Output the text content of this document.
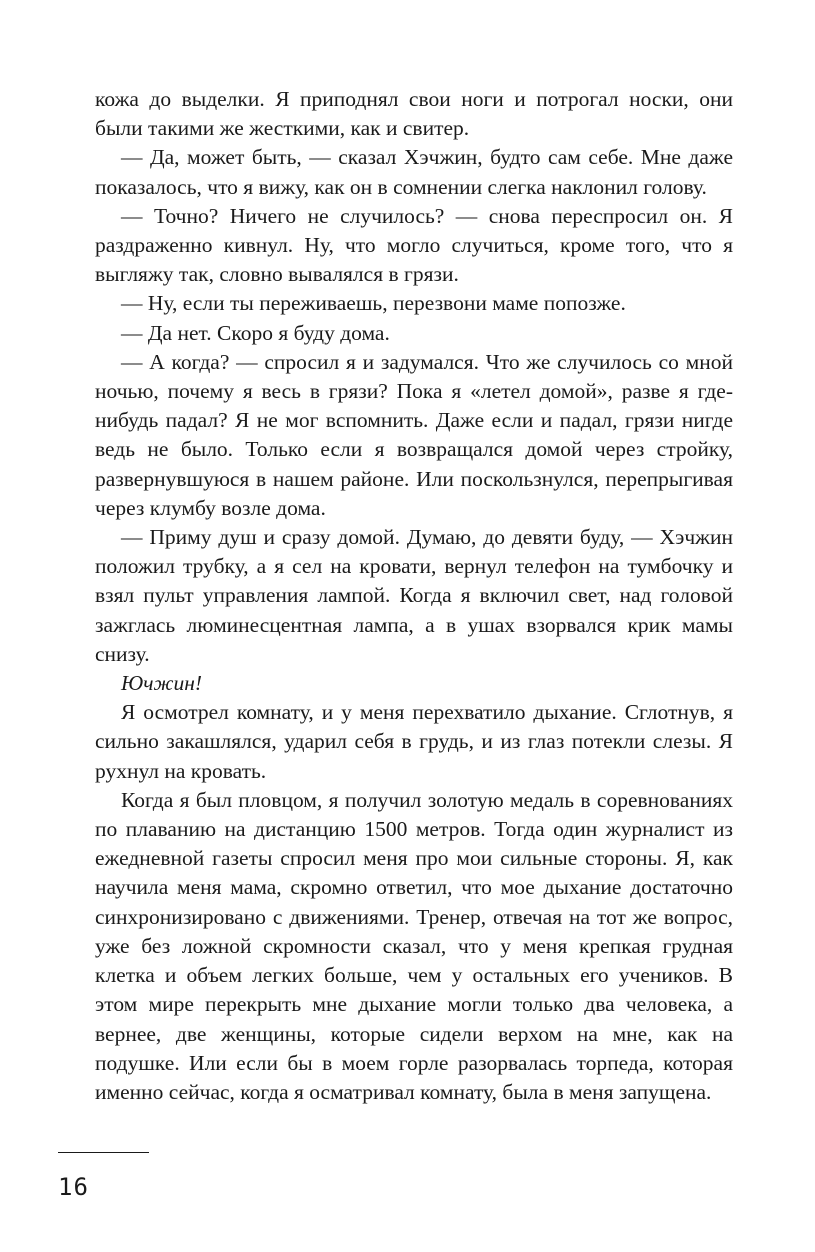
кожа до выделки. Я приподнял свои ноги и потрогал носки, они были такими же жесткими, как и свитер.

— Да, может быть, — сказал Хэчжин, будто сам себе. Мне даже показалось, что я вижу, как он в сомнении слегка наклонил голову.

— Точно? Ничего не случилось? — снова переспросил он. Я раздраженно кивнул. Ну, что могло случиться, кроме того, что я выгляжу так, словно вывалялся в грязи.

— Ну, если ты переживаешь, перезвони маме попозже.

— Да нет. Скоро я буду дома.

— А когда? — спросил я и задумался. Что же случилось со мной ночью, почему я весь в грязи? Пока я «летел домой», разве я где-нибудь падал? Я не мог вспомнить. Даже если и падал, грязи нигде ведь не было. Только если я возвращался домой через стройку, развернувшуюся в нашем районе. Или поскользнулся, перепрыгивая через клумбу возле дома.

— Приму душ и сразу домой. Думаю, до девяти буду, — Хэчжин положил трубку, а я сел на кровати, вернул телефон на тумбочку и взял пульт управления лампой. Когда я включил свет, над головой зажглась люминесцентная лампа, а в ушах взорвался крик мамы снизу.

Ючжин!

Я осмотрел комнату, и у меня перехватило дыхание. Сглотнув, я сильно закашлялся, ударил себя в грудь, и из глаз потекли слезы. Я рухнул на кровать.

Когда я был пловцом, я получил золотую медаль в соревнованиях по плаванию на дистанцию 1500 метров. Тогда один журналист из ежедневной газеты спросил меня про мои сильные стороны. Я, как научила меня мама, скромно ответил, что мое дыхание достаточно синхронизировано с движениями. Тренер, отвечая на тот же вопрос, уже без ложной скромности сказал, что у меня крепкая грудная клетка и объем легких больше, чем у остальных его учеников. В этом мире перекрыть мне дыхание могли только два человека, а вернее, две женщины, которые сидели верхом на мне, как на подушке. Или если бы в моем горле разорвалась торпеда, которая именно сейчас, когда я осматривал комнату, была в меня запущена.

16
